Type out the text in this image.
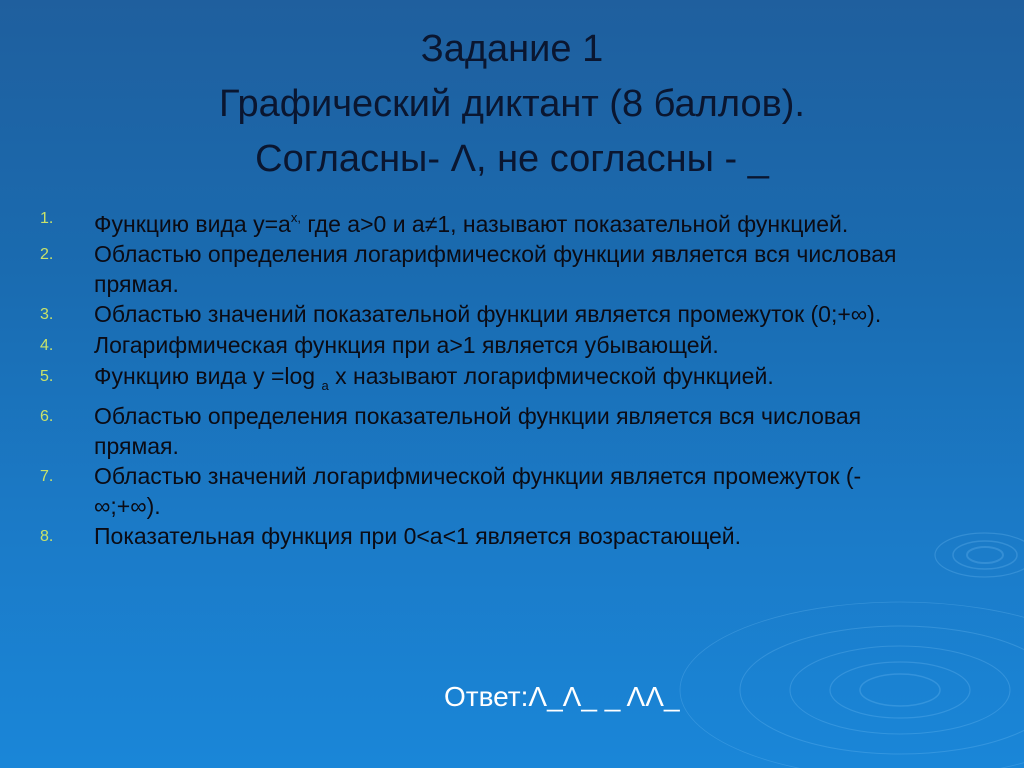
Задание 1
Графический диктант (8 баллов).
Согласны- Λ, не согласны - _
1.	Функцию вида $y=a^{x,}$ где a>0 и a≠1, называют показательной функцией.
2.	Областью определения логарифмической функции является вся числовая прямая.
3.	Областью значений показательной функции является промежуток (0;+∞).
4.	Логарифмическая функция при a>1 является убывающей.
5.	Функцию вида y =log $_a$ x называют логарифмической функцией.
6.	Областью определения показательной функции является вся числовая прямая.
7.	Областью значений логарифмической функции является промежуток (-∞;+∞).
8.	Показательная функция при 0<a<1 является возрастающей.
Ответ:Λ_Λ_ _ ΛΛ_
